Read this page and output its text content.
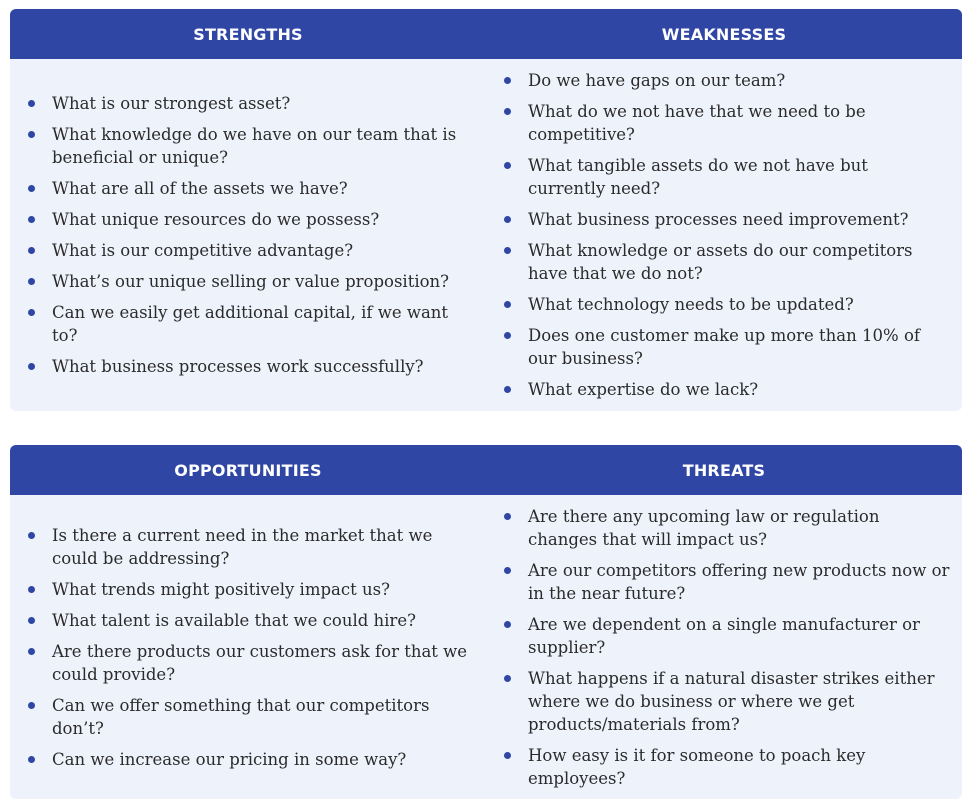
STRENGTHS	WEAKNESSES
What is our strongest asset?
What knowledge do we have on our team that is beneficial or unique?
What are all of the assets we have?
What unique resources do we possess?
What is our competitive advantage?
What’s our unique selling or value proposition?
Can we easily get additional capital, if we want to?
What business processes work successfully?
Do we have gaps on our team?
What do we not have that we need to be competitive?
What tangible assets do we not have but currently need?
What business processes need improvement?
What knowledge or assets do our competitors have that we do not?
What technology needs to be updated?
Does one customer make up more than 10% of our business?
What expertise do we lack?
OPPORTUNITIES	THREATS
Is there a current need in the market that we could be addressing?
What trends might positively impact us?
What talent is available that we could hire?
Are there products our customers ask for that we could provide?
Can we offer something that our competitors don’t?
Can we increase our pricing in some way?
Are there any upcoming law or regulation changes that will impact us?
Are our competitors offering new products now or in the near future?
Are we dependent on a single manufacturer or supplier?
What happens if a natural disaster strikes either where we do business or where we get products/materials from?
How easy is it for someone to poach key employees?
